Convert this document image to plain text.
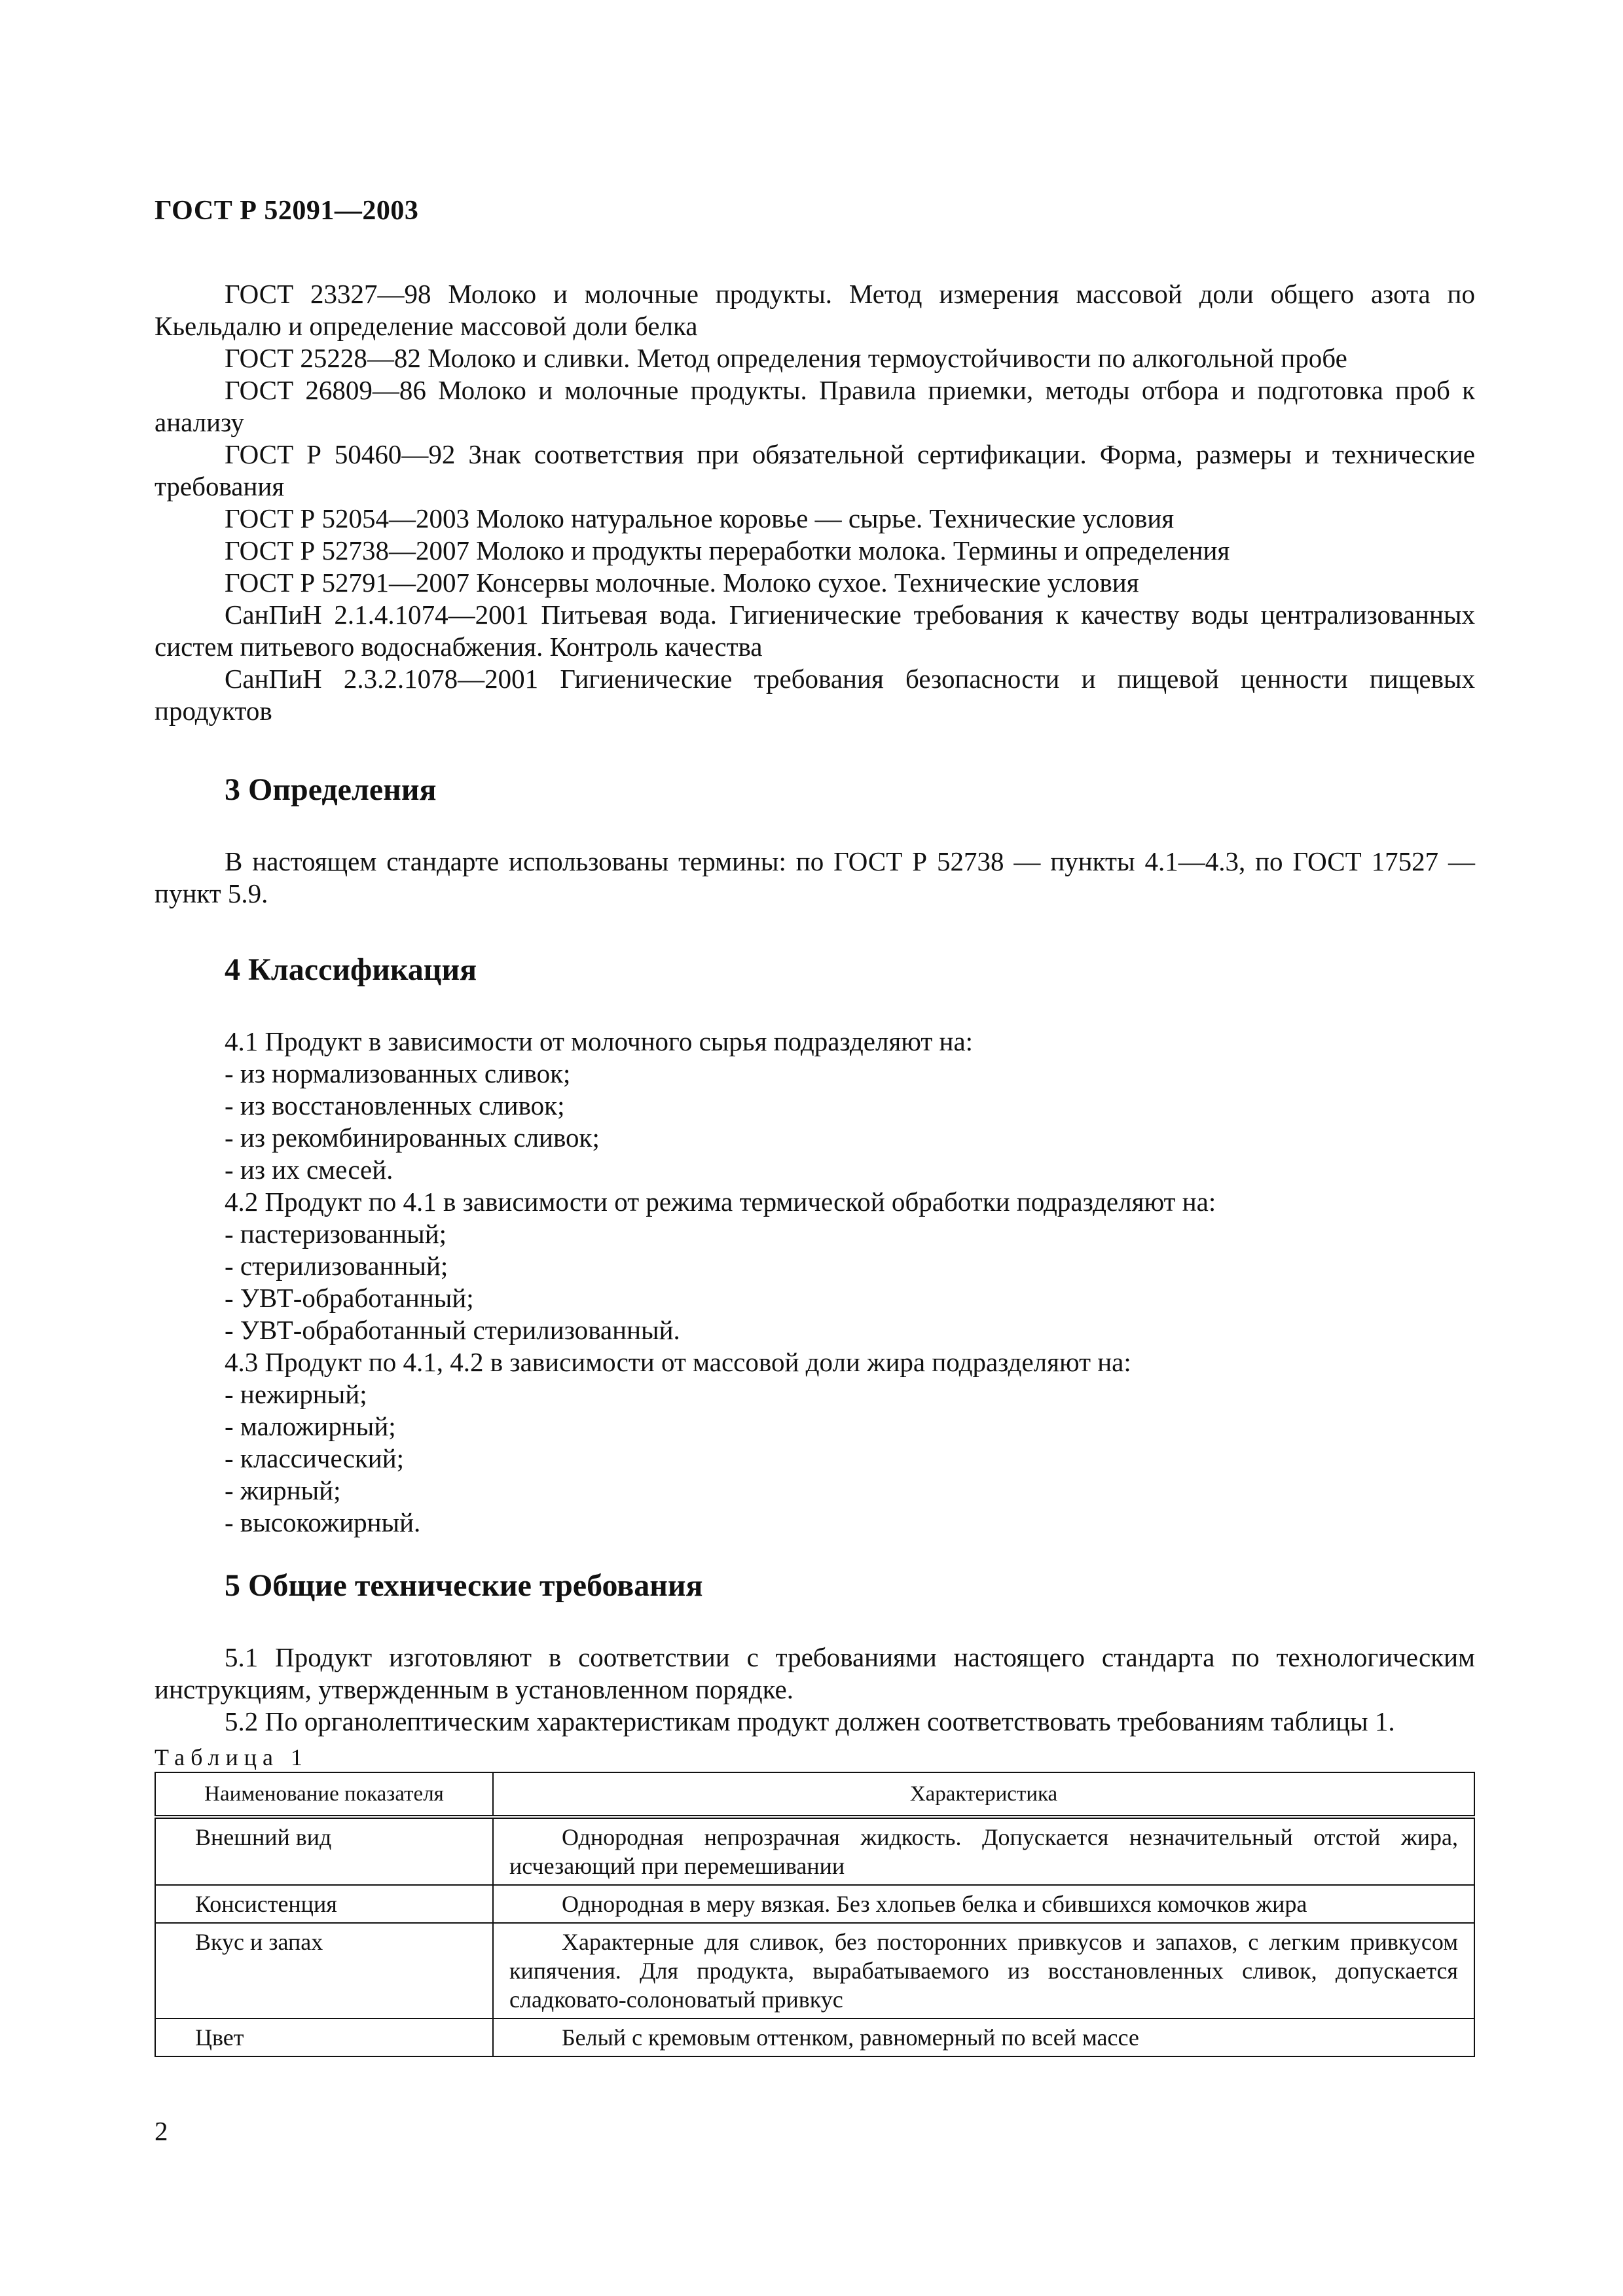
ГОСТ Р 52091—2003

ГОСТ 23327—98 Молоко и молочные продукты. Метод измерения массовой доли общего азота по Кьельдалю и определение массовой доли белка

ГОСТ 25228—82 Молоко и сливки. Метод определения термоустойчивости по алкогольной пробе

ГОСТ 26809—86 Молоко и молочные продукты. Правила приемки, методы отбора и подготовка проб к анализу

ГОСТ Р 50460—92 Знак соответствия при обязательной сертификации. Форма, размеры и технические требования

ГОСТ Р 52054—2003 Молоко натуральное коровье — сырье. Технические условия

ГОСТ Р 52738—2007 Молоко и продукты переработки молока. Термины и определения

ГОСТ Р 52791—2007 Консервы молочные. Молоко сухое. Технические условия

СанПиН 2.1.4.1074—2001 Питьевая вода. Гигиенические требования к качеству воды централизованных систем питьевого водоснабжения. Контроль качества

СанПиН 2.3.2.1078—2001 Гигиенические требования безопасности и пищевой ценности пищевых продуктов

3 Определения

В настоящем стандарте использованы термины: по ГОСТ Р 52738 — пункты 4.1—4.3, по ГОСТ 17527 — пункт 5.9.

4 Классификация

4.1 Продукт в зависимости от молочного сырья подразделяют на:

- из нормализованных сливок;

- из восстановленных сливок;

- из рекомбинированных сливок;

- из их смесей.

4.2 Продукт по 4.1 в зависимости от режима термической обработки подразделяют на:

- пастеризованный;

- стерилизованный;

- УВТ-обработанный;

- УВТ-обработанный стерилизованный.

4.3 Продукт по 4.1, 4.2 в зависимости от массовой доли жира подразделяют на:

- нежирный;

- маложирный;

- классический;

- жирный;

- высокожирный.

5 Общие технические требования

5.1 Продукт изготовляют в соответствии с требованиями настоящего стандарта по технологическим инструкциям, утвержденным в установленном порядке.

5.2 По органолептическим характеристикам продукт должен соответствовать требованиям таблицы 1.

Таблица 1

Наименование показателя	Характеристика
Внешний вид	Однородная непрозрачная жидкость. Допускается незначительный отстой жира, исчезающий при перемешивании
Консистенция	Однородная в меру вязкая. Без хлопьев белка и сбившихся комочков жира
Вкус и запах	Характерные для сливок, без посторонних привкусов и запахов, с легким привкусом кипячения. Для продукта, вырабатываемого из восстановленных сливок, допускается сладковато-солоноватый привкус
Цвет	Белый с кремовым оттенком, равномерный по всей массе
2
